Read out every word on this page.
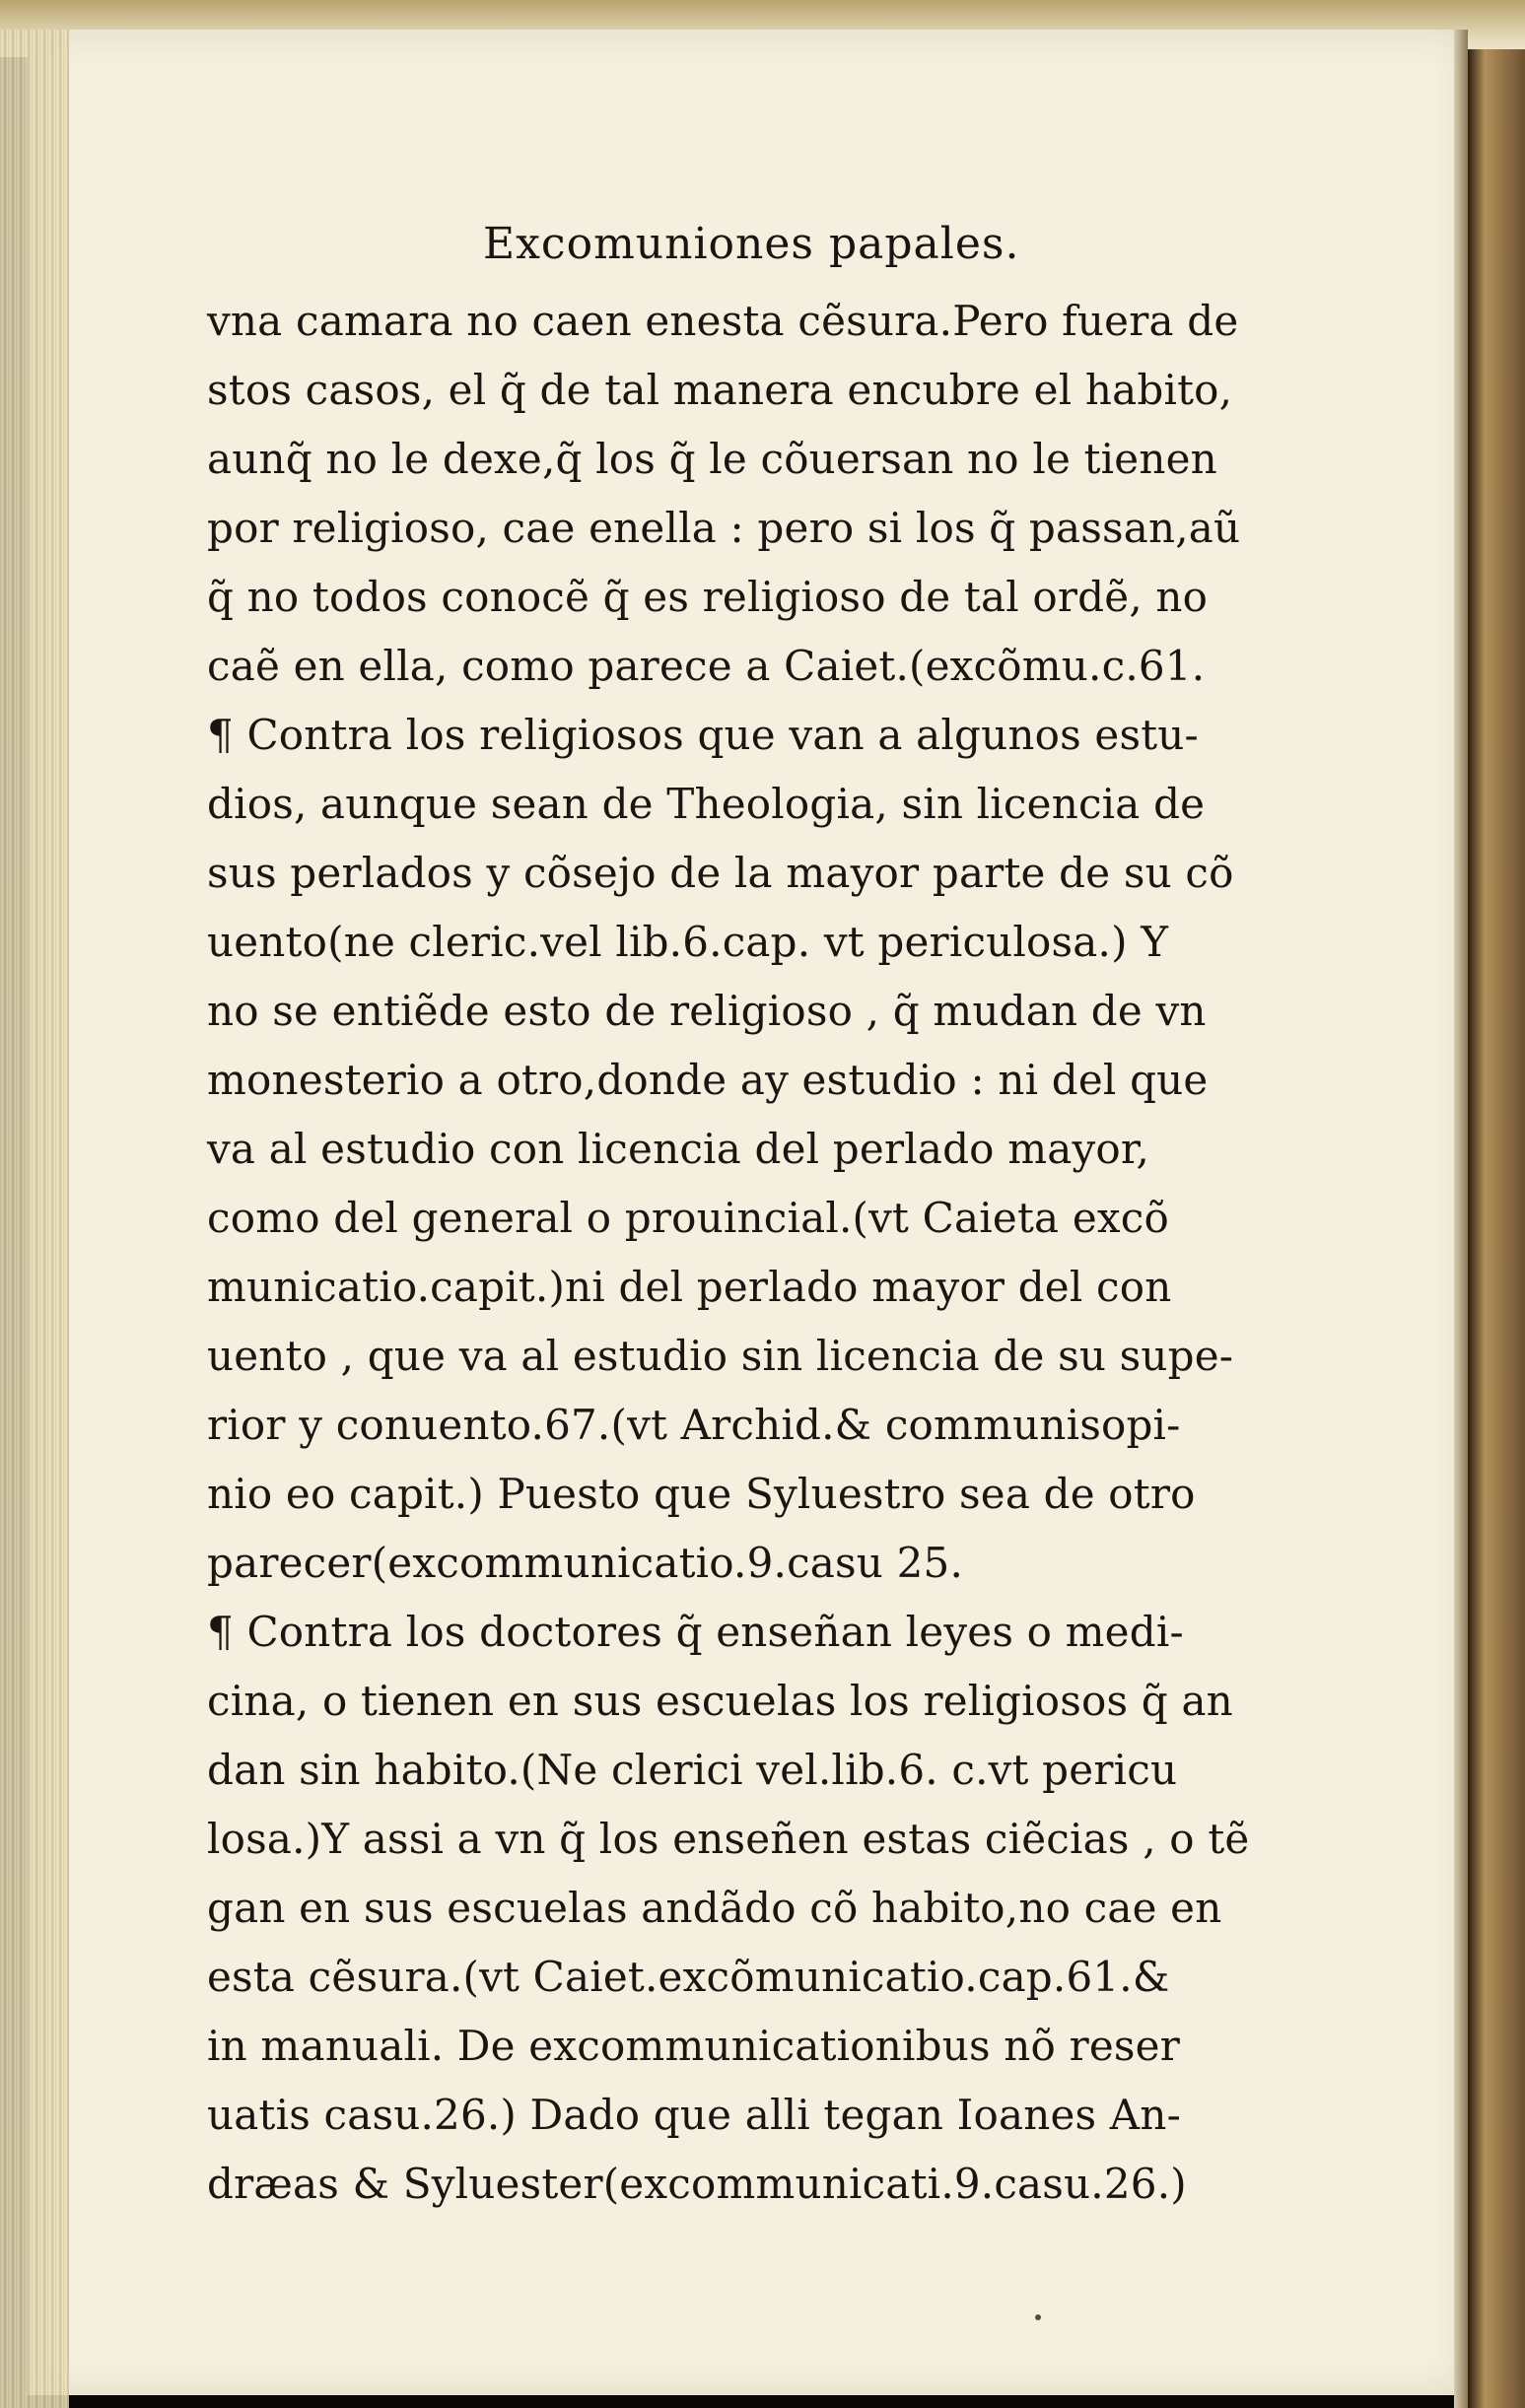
Excomuniones papales.
vna camara no caen enesta cẽsura.Pero fuera de
stos casos, el q̃ de tal manera encubre el habito,
aunq̃ no le dexe,q̃ los q̃ le cõuersan no le tienen
por religioso, cae enella : pero si los q̃ passan,aũ
q̃ no todos conocẽ q̃ es religioso de tal ordẽ, no
caẽ en ella, como parece a Caiet.(excõmu.c.61.
¶ Contra los religiosos que van a algunos estu-
dios, aunque sean de Theologia, sin licencia de
sus perlados y cõsejo de la mayor parte de su cõ
uento(ne cleric.vel lib.6.cap. vt periculosa.) Y
no se entiẽde esto de religioso , q̃ mudan de vn
monesterio a otro,donde ay estudio : ni del que
va al estudio con licencia del perlado mayor,
como del general o prouincial.(vt Caieta excõ
municatio.capit.)ni del perlado mayor del con
uento , que va al estudio sin licencia de su supe-
rior y conuento.67.(vt Archid.& communisopi-
nio eo capit.) Puesto que Syluestro sea de otro
parecer(excommunicatio.9.casu 25.
¶ Contra los doctores q̃ enseñan leyes o medi-
cina, o tienen en sus escuelas los religiosos q̃ an
dan sin habito.(Ne clerici vel.lib.6. c.vt pericu
losa.)Y assi a vn q̃ los enseñen estas ciẽcias , o tẽ
gan en sus escuelas andãdo cõ habito,no cae en
esta cẽsura.(vt Caiet.excõmunicatio.cap.61.&
in manuali. De excommunicationibus nõ reser
uatis casu.26.) Dado que alli tegan Ioanes An-
dræas & Syluester(excommunicati.9.casu.26.)
